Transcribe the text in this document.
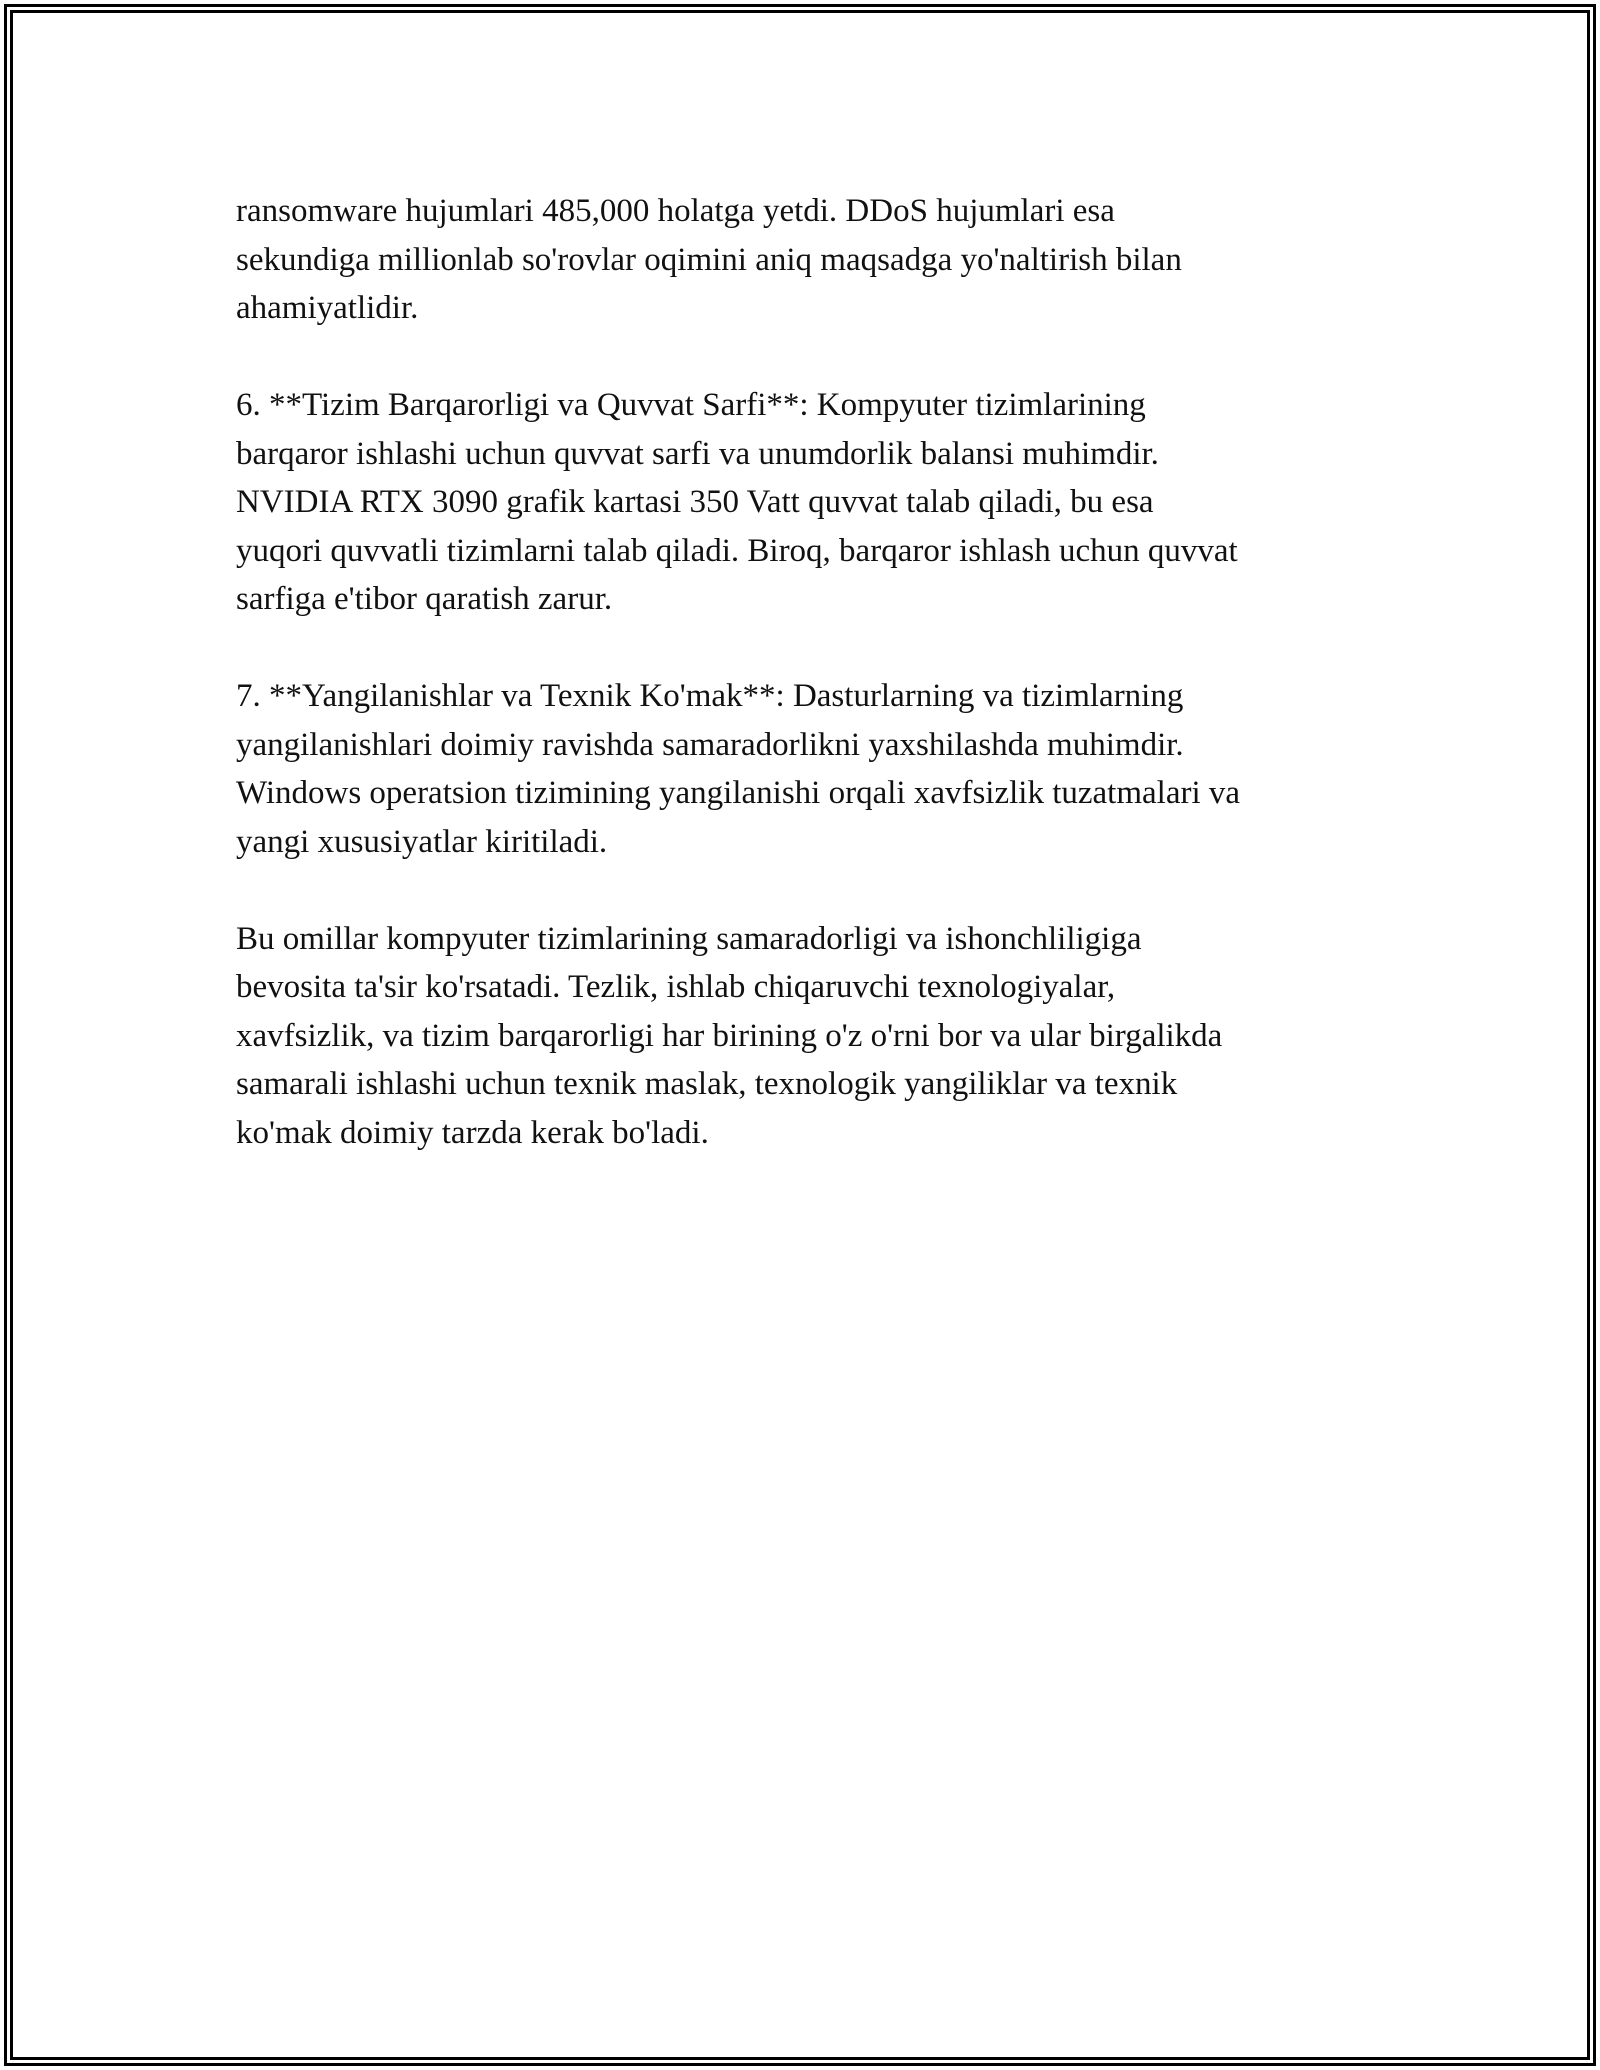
ransomware hujumlari 485,000 holatga yetdi. DDoS hujumlari esa
sekundiga millionlab so'rovlar oqimini aniq maqsadga yo'naltirish bilan
ahamiyatlidir.

6. **Tizim Barqarorligi va Quvvat Sarfi**: Kompyuter tizimlarining
barqaror ishlashi uchun quvvat sarfi va unumdorlik balansi muhimdir.
NVIDIA RTX 3090 grafik kartasi 350 Vatt quvvat talab qiladi, bu esa
yuqori quvvatli tizimlarni talab qiladi. Biroq, barqaror ishlash uchun quvvat
sarfiga e'tibor qaratish zarur.

7. **Yangilanishlar va Texnik Ko'mak**: Dasturlarning va tizimlarning
yangilanishlari doimiy ravishda samaradorlikni yaxshilashda muhimdir.
Windows operatsion tizimining yangilanishi orqali xavfsizlik tuzatmalari va
yangi xususiyatlar kiritiladi.

Bu omillar kompyuter tizimlarining samaradorligi va ishonchliligiga
bevosita ta'sir ko'rsatadi. Tezlik, ishlab chiqaruvchi texnologiyalar,
xavfsizlik, va tizim barqarorligi har birining o'z o'rni bor va ular birgalikda
samarali ishlashi uchun texnik maslak, texnologik yangiliklar va texnik
ko'mak doimiy tarzda kerak bo'ladi.
